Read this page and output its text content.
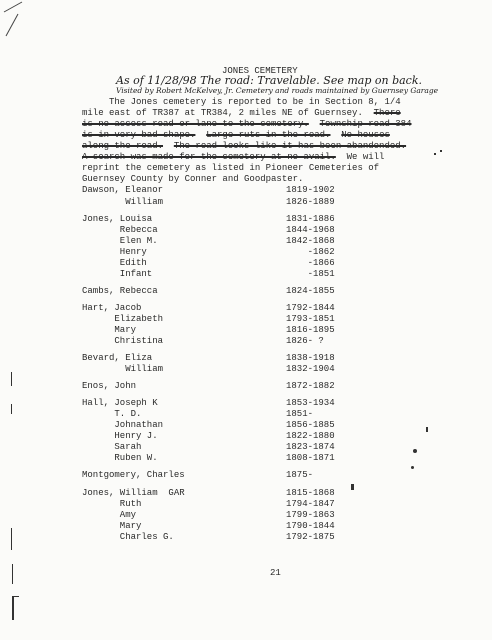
JONES CEMETERY
As of 11/28/98 The road: Travelable. See map on back.
Visited by Robert McKelvey, Jr. Cemetery and roads maintained by Guernsey Garage
The Jones cemetery is reported to be in Section 8, 1/4
mile east of TR387 at TR384, 2 miles NE of Guernsey.  There
is no access road or lane to the cemetery. Township road 384
is in very bad shape. Large ruts in the road. No houses
along the road. The road looks like it has been abandonded.
A search was made for the cemetery at no avail.  We will
reprint the cemetery as listed in Pioneer Cemeteries of
Guernsey County by Conner and Goodpaster.
Dawson, Eleanor	1819-1902
William	1826-1889
Jones, Louisa	1831-1886
Rebecca	1844-1968
Elen M.	1842-1868
Henry	-1862
Edith	-1866
Infant	-1851
Cambs, Rebecca	1824-1855
Hart, Jacob	1792-1844
Elizabeth	1793-1851
Mary	1816-1895
Christina	1826- ?
Bevard, Eliza	1838-1918
William	1832-1904
Enos, John	1872-1882
Hall, Joseph K	1853-1934
T. D.	1851-
Johnathan	1856-1885
Henry J.	1822-1880
Sarah	1823-1874
Ruben W.	1808-1871
Montgomery, Charles	1875-
Jones, William  GAR	1815-1868
Ruth	1794-1847
Amy	1799-1863
Mary	1790-1844
Charles G.	1792-1875
21
